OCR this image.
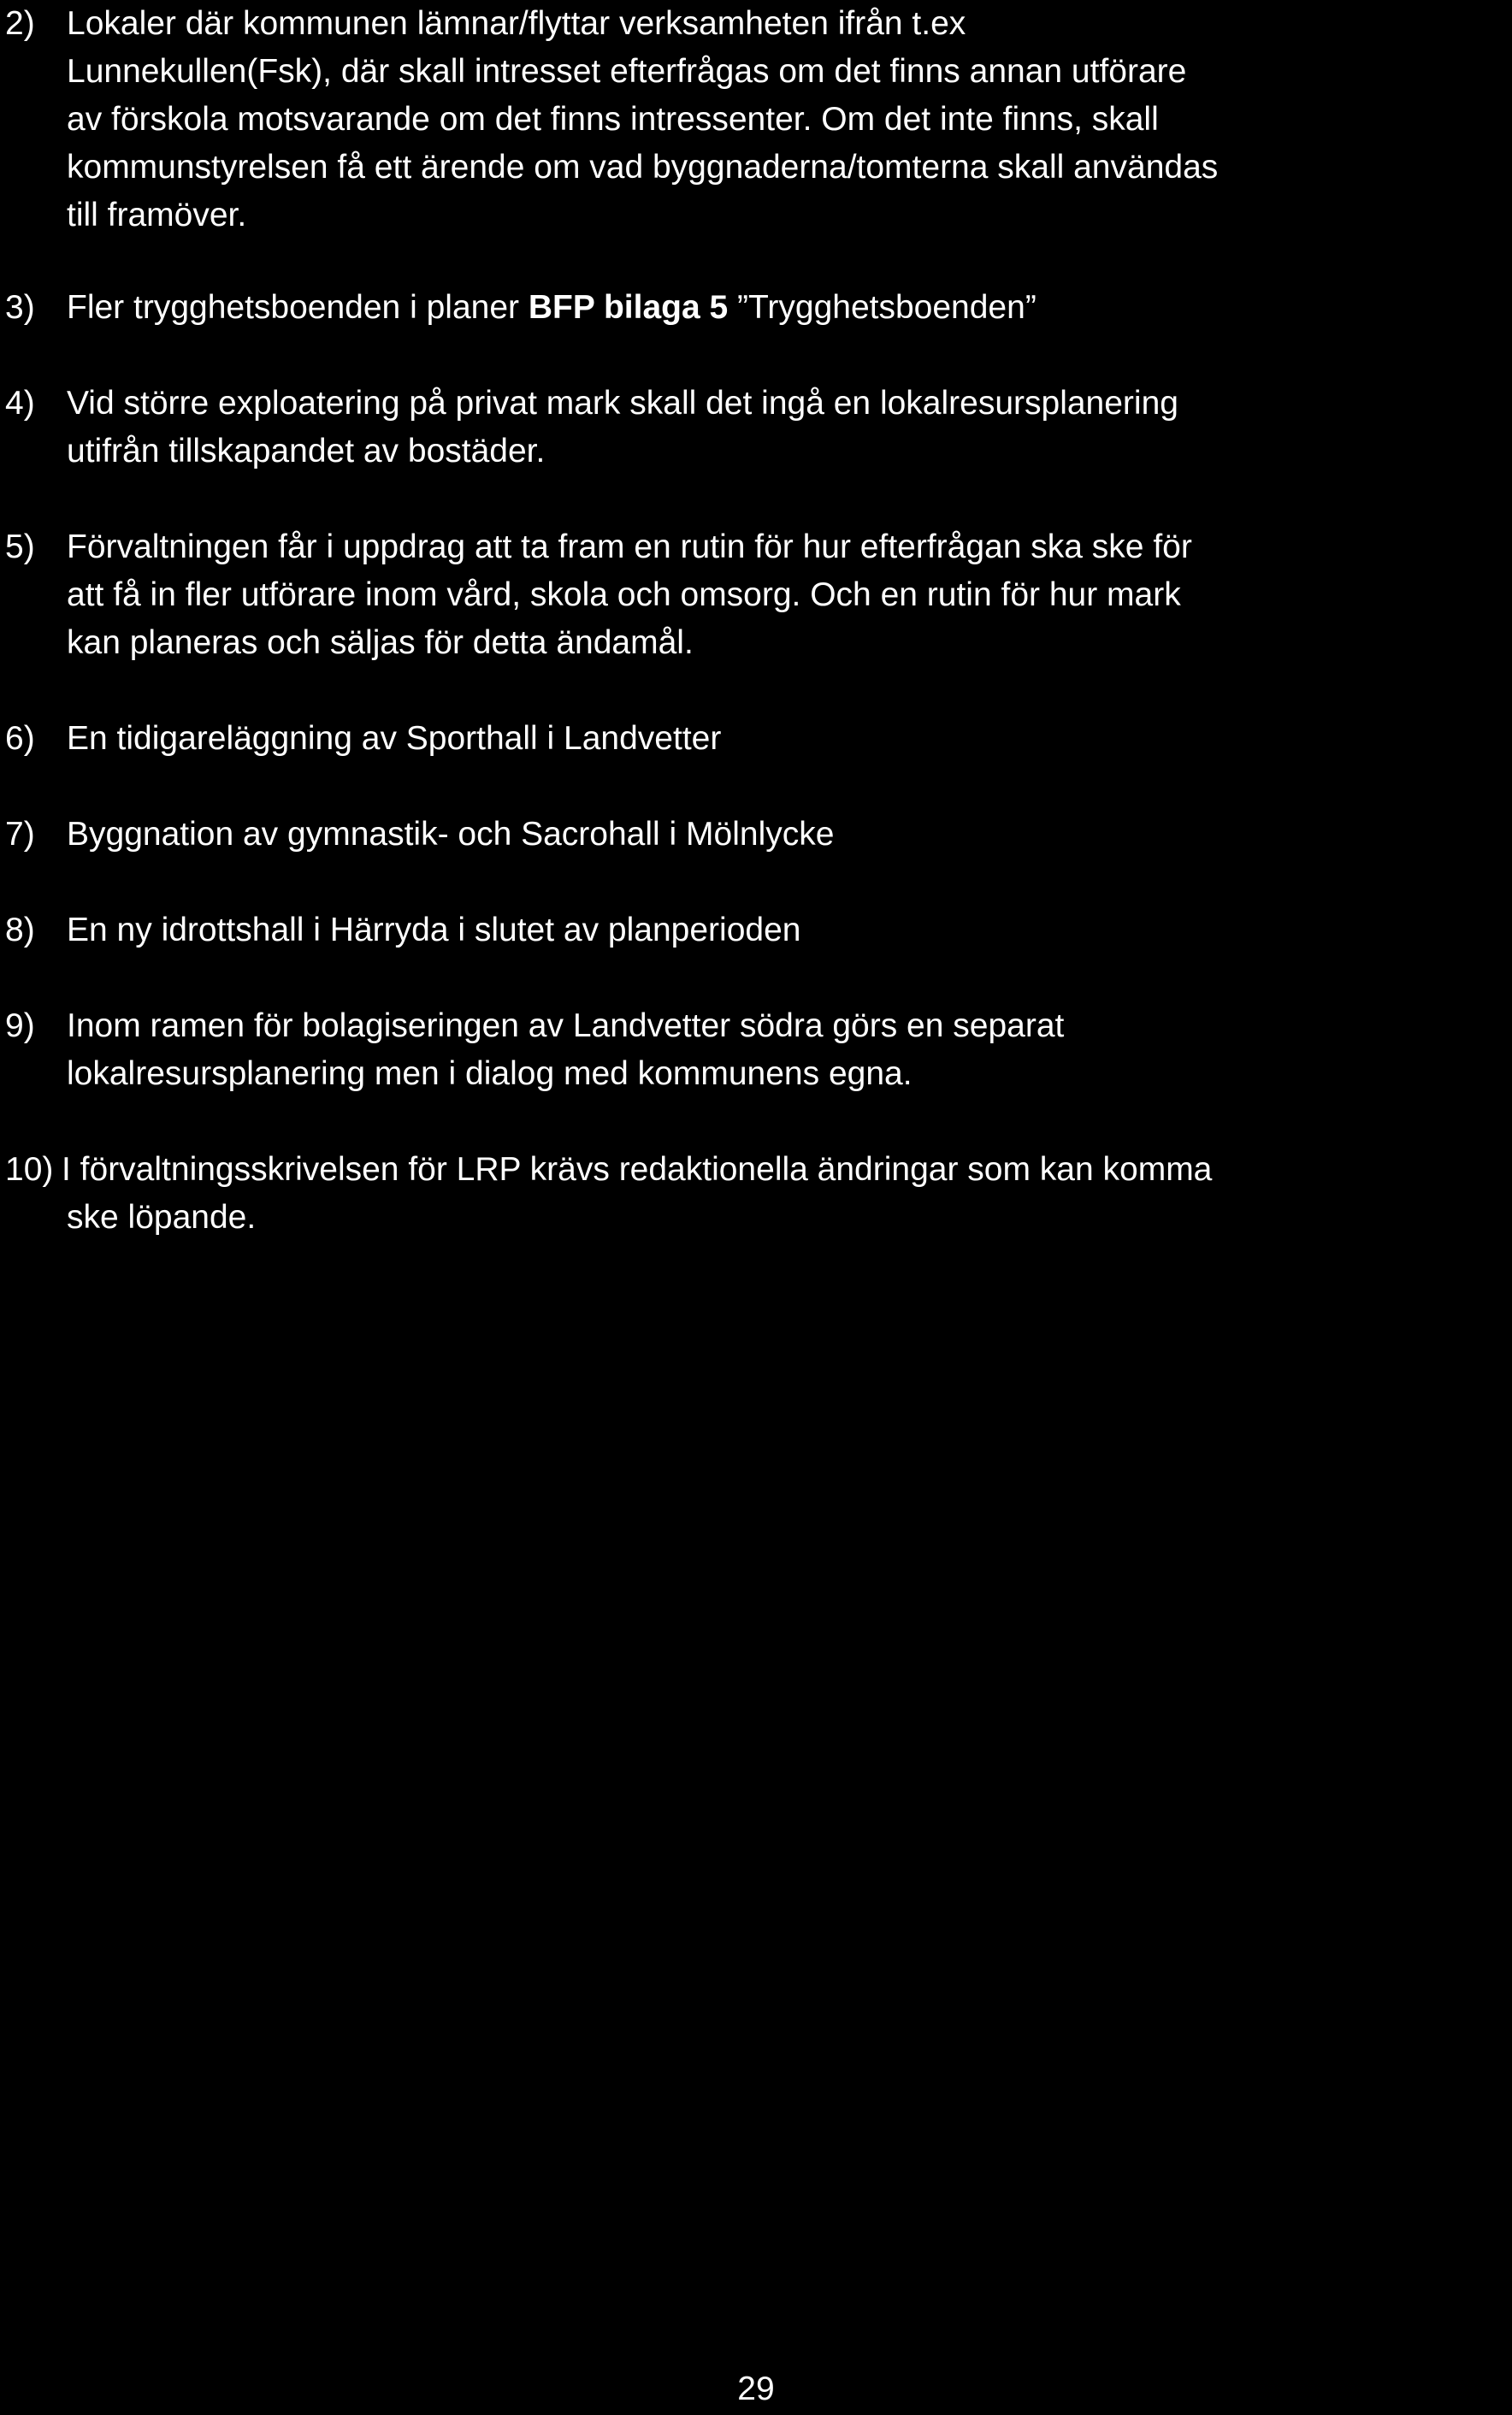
2) Lokaler där kommunen lämnar/flyttar verksamheten ifrån t.ex
Lunnekullen(Fsk), där skall intresset efterfrågas om det finns annan utförare
av förskola motsvarande om det finns intressenter. Om det inte finns, skall
kommunstyrelsen få ett ärende om vad byggnaderna/tomterna skall användas
till framöver.
3) Fler trygghetsboenden i planer BFP bilaga 5 ”Trygghetsboenden”
4) Vid större exploatering på privat mark skall det ingå en lokalresursplanering
utifrån tillskapandet av bostäder.
5) Förvaltningen får i uppdrag att ta fram en rutin för hur efterfrågan ska ske för
att få in fler utförare inom vård, skola och omsorg. Och en rutin för hur mark
kan planeras och säljas för detta ändamål.
6) En tidigareläggning av Sporthall i Landvetter
7) Byggnation av gymnastik- och Sacrohall i Mölnlycke
8) En ny idrottshall i Härryda i slutet av planperioden
9) Inom ramen för bolagiseringen av Landvetter södra görs en separat
lokalresursplanering men i dialog med kommunens egna.
10) I förvaltningsskrivelsen för LRP krävs redaktionella ändringar som kan komma
ske löpande.
29
